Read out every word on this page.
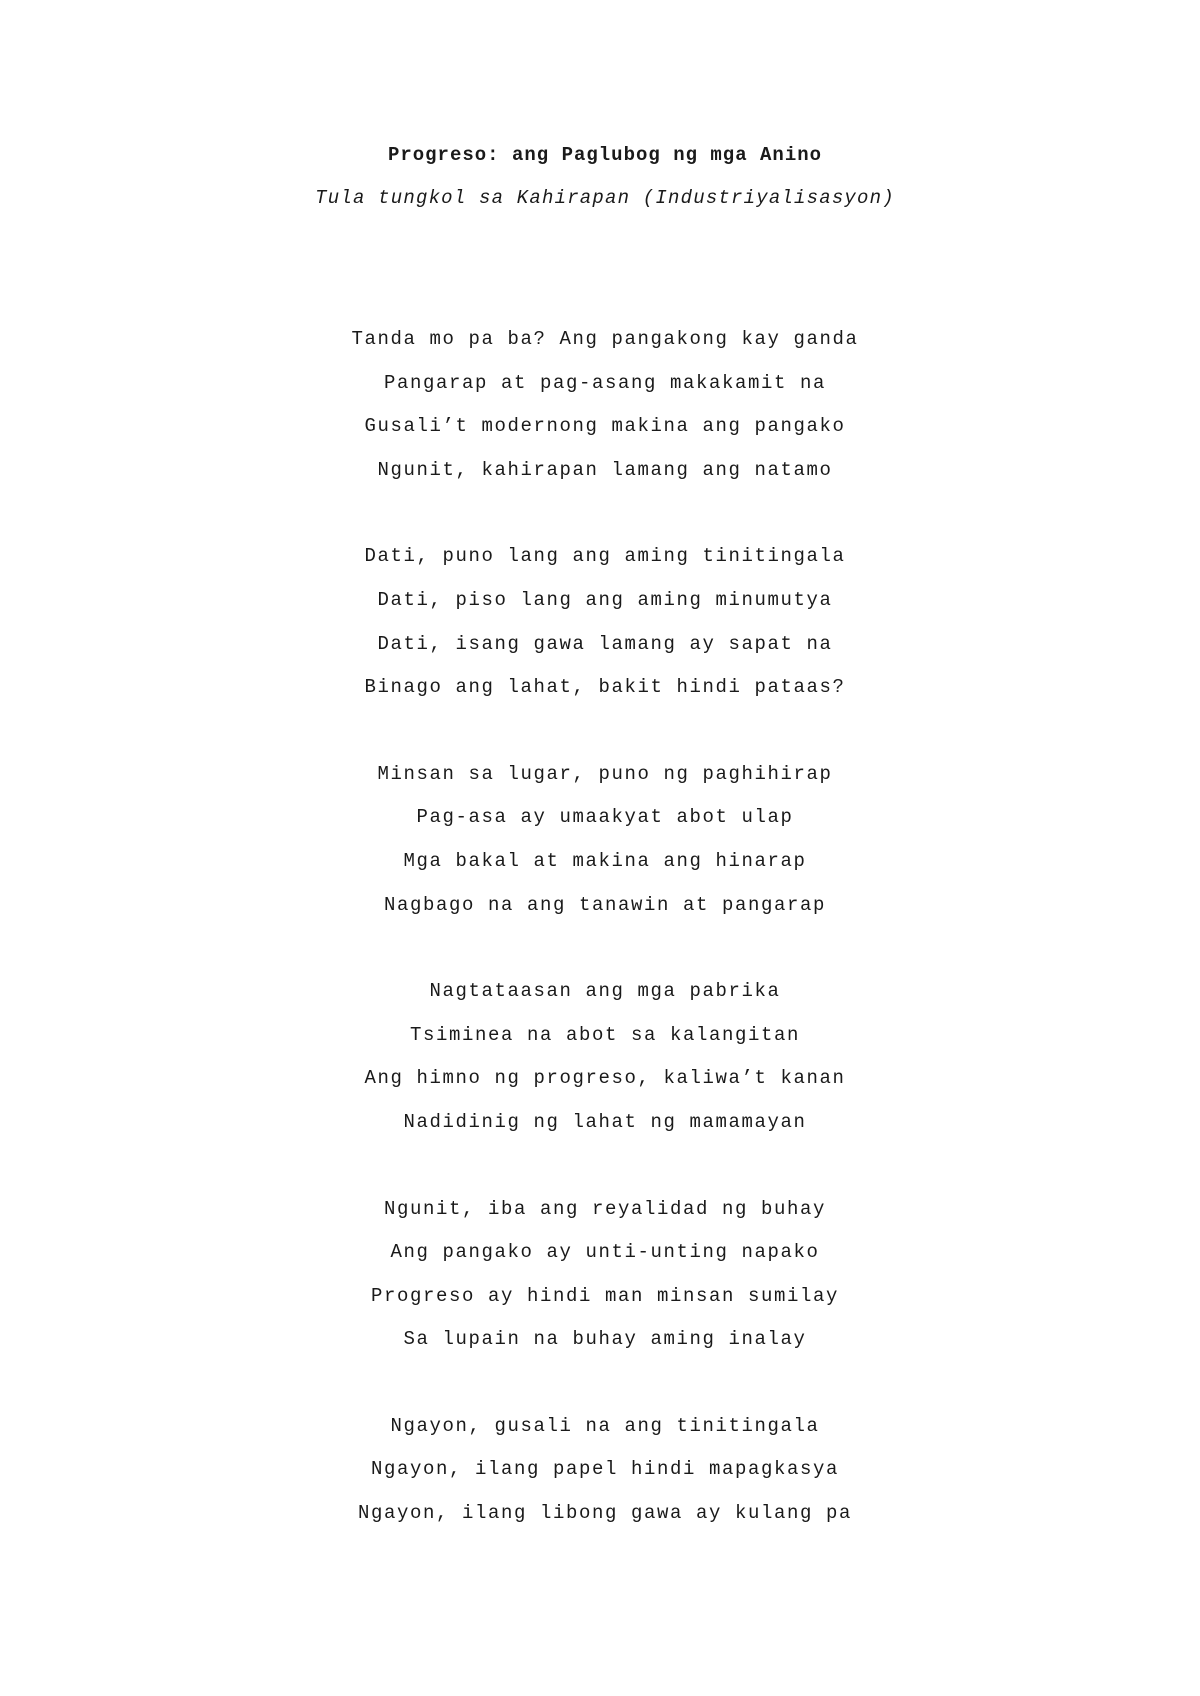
Progreso: ang Paglubog ng mga Anino
Tula tungkol sa Kahirapan (Industriyalisasyon)
Tanda mo pa ba? Ang pangakong kay ganda
Pangarap at pag-asang makakamit na
Gusali’t modernong makina ang pangako
Ngunit, kahirapan lamang ang natamo
Dati, puno lang ang aming tinitingala
Dati, piso lang ang aming minumutya
Dati, isang gawa lamang ay sapat na
Binago ang lahat, bakit hindi pataas?
Minsan sa lugar, puno ng paghihirap
Pag-asa ay umaakyat abot ulap
Mga bakal at makina ang hinarap
Nagbago na ang tanawin at pangarap
Nagtataasan ang mga pabrika
Tsiminea na abot sa kalangitan
Ang himno ng progreso, kaliwa’t kanan
Nadidinig ng lahat ng mamamayan
Ngunit, iba ang reyalidad ng buhay
Ang pangako ay unti-unting napako
Progreso ay hindi man minsan sumilay
Sa lupain na buhay aming inalay
Ngayon, gusali na ang tinitingala
Ngayon, ilang papel hindi mapagkasya
Ngayon, ilang libong gawa ay kulang pa
